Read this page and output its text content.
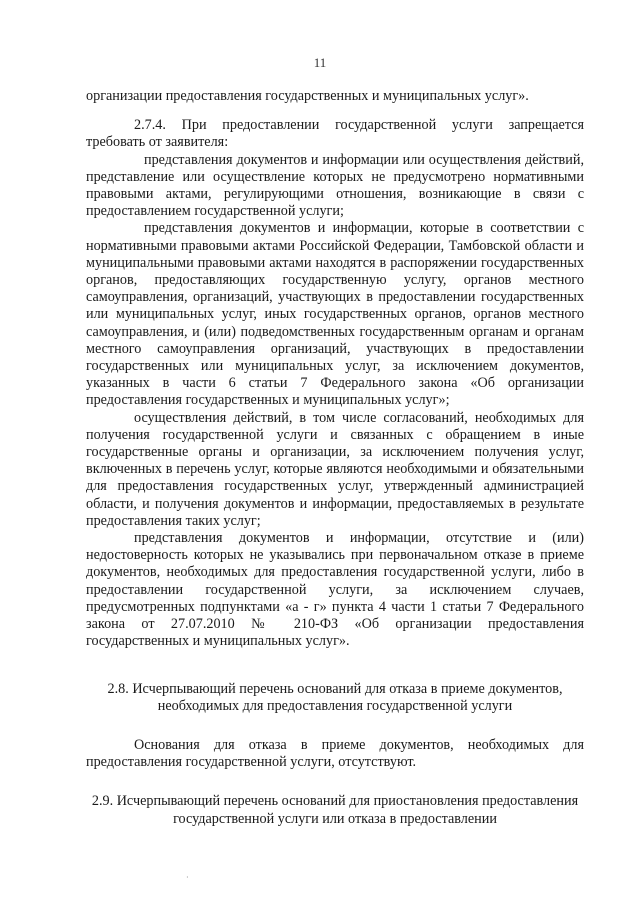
11

организации предоставления государственных и муниципальных услуг».

2.7.4. При предоставлении государственной услуги запрещается требовать от заявителя:

представления документов и информации или осуществления действий, представление или осуществление которых не предусмотрено нормативными правовыми актами, регулирующими отношения, возникающие в связи с предоставлением государственной услуги;

представления документов и информации, которые в соответствии с нормативными правовыми актами Российской Федерации, Тамбовской области и муниципальными правовыми актами находятся в распоряжении государственных органов, предоставляющих государственную услугу, органов местного самоуправления, организаций, участвующих в предоставлении государственных или муниципальных услуг, иных государственных органов, органов местного самоуправления, и (или) подведомственных государственным органам и органам местного самоуправления организаций, участвующих в предоставлении государственных или муниципальных услуг, за исключением документов, указанных в части 6 статьи 7 Федерального закона «Об организации предоставления государственных и муниципальных услуг»;

осуществления действий, в том числе согласований, необходимых для получения государственной услуги и связанных с обращением в иные государственные органы и организации, за исключением получения услуг, включенных в перечень услуг, которые являются необходимыми и обязательными для предоставления государственных услуг, утвержденный администрацией области, и получения документов и информации, предоставляемых в результате предоставления таких услуг;

представления документов и информации, отсутствие и (или) недостоверность которых не указывались при первоначальном отказе в приеме документов, необходимых для предоставления государственной услуги, либо в предоставлении государственной услуги, за исключением случаев, предусмотренных подпунктами «а - г» пункта 4 части 1 статьи 7 Федерального закона от 27.07.2010 № 210-ФЗ «Об организации предоставления государственных и муниципальных услуг».

2.8. Исчерпывающий перечень оснований для отказа в приеме документов, необходимых для предоставления государственной услуги

Основания для отказа в приеме документов, необходимых для предоставления государственной услуги, отсутствуют.

2.9. Исчерпывающий перечень оснований для приостановления предоставления государственной услуги или отказа в предоставлении

·
